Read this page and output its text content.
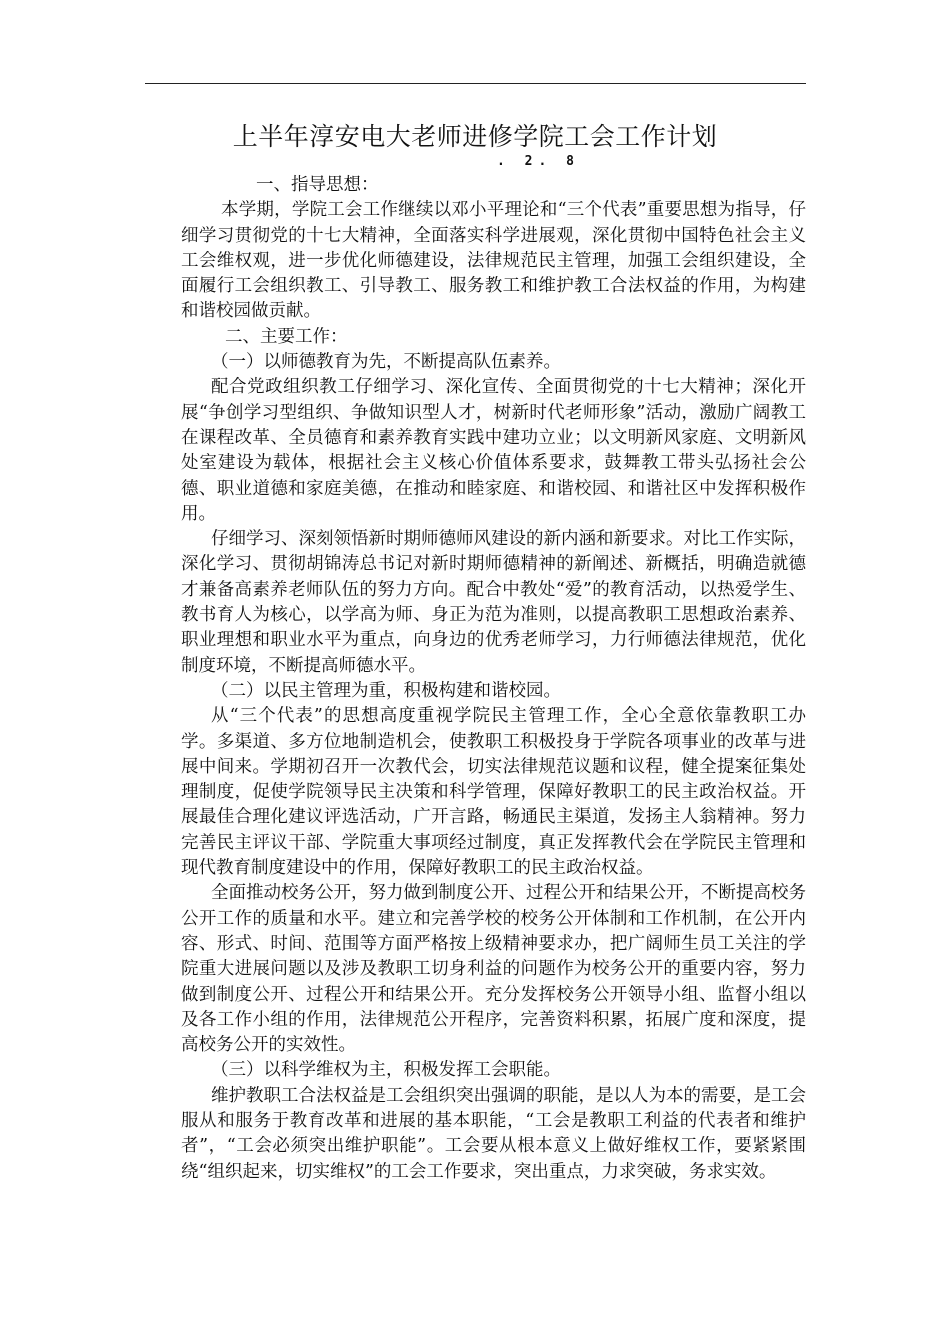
上半年淳安电大老师进修学院工会工作计划
. 2. 8

一、指导思想：

本学期，学院工会工作继续以邓小平理论和“三个代表”重要思想为指导，仔细学习贯彻党的十七大精神，全面落实科学进展观，深化贯彻中国特色社会主义工会维权观，进一步优化师德建设，法律规范民主管理，加强工会组织建设，全面履行工会组织教工、引导教工、服务教工和维护教工合法权益的作用，为构建和谐校园做贡献。

二、主要工作：

（一）以师德教育为先，不断提高队伍素养。

配合党政组织教工仔细学习、深化宣传、全面贯彻党的十七大精神；深化开展“争创学习型组织、争做知识型人才，树新时代老师形象”活动，激励广阔教工在课程改革、全员德育和素养教育实践中建功立业；以文明新风家庭、文明新风处室建设为载体，根据社会主义核心价值体系要求，鼓舞教工带头弘扬社会公德、职业道德和家庭美德，在推动和睦家庭、和谐校园、和谐社区中发挥积极作用。

仔细学习、深刻领悟新时期师德师风建设的新内涵和新要求。对比工作实际，深化学习、贯彻胡锦涛总书记对新时期师德精神的新阐述、新概括，明确造就德才兼备高素养老师队伍的努力方向。配合中教处“爱”的教育活动，以热爱学生、教书育人为核心，以学高为师、身正为范为准则，以提高教职工思想政治素养、职业理想和职业水平为重点，向身边的优秀老师学习，力行师德法律规范，优化制度环境，不断提高师德水平。

（二）以民主管理为重，积极构建和谐校园。

从“三个代表”的思想高度重视学院民主管理工作，全心全意依靠教职工办学。多渠道、多方位地制造机会，使教职工积极投身于学院各项事业的改革与进展中间来。学期初召开一次教代会，切实法律规范议题和议程，健全提案征集处理制度，促使学院领导民主决策和科学管理，保障好教职工的民主政治权益。开展最佳合理化建议评选活动，广开言路，畅通民主渠道，发扬主人翁精神。努力完善民主评议干部、学院重大事项经过制度，真正发挥教代会在学院民主管理和现代教育制度建设中的作用，保障好教职工的民主政治权益。

全面推动校务公开，努力做到制度公开、过程公开和结果公开，不断提高校务公开工作的质量和水平。建立和完善学校的校务公开体制和工作机制，在公开内容、形式、时间、范围等方面严格按上级精神要求办，把广阔师生员工关注的学院重大进展问题以及涉及教职工切身利益的问题作为校务公开的重要内容，努力做到制度公开、过程公开和结果公开。充分发挥校务公开领导小组、监督小组以及各工作小组的作用，法律规范公开程序，完善资料积累，拓展广度和深度，提高校务公开的实效性。

（三）以科学维权为主，积极发挥工会职能。

维护教职工合法权益是工会组织突出强调的职能，是以人为本的需要，是工会服从和服务于教育改革和进展的基本职能，“工会是教职工利益的代表者和维护者”，“工会必须突出维护职能”。工会要从根本意义上做好维权工作，要紧紧围绕“组织起来，切实维权”的工会工作要求，突出重点，力求突破，务求实效。
